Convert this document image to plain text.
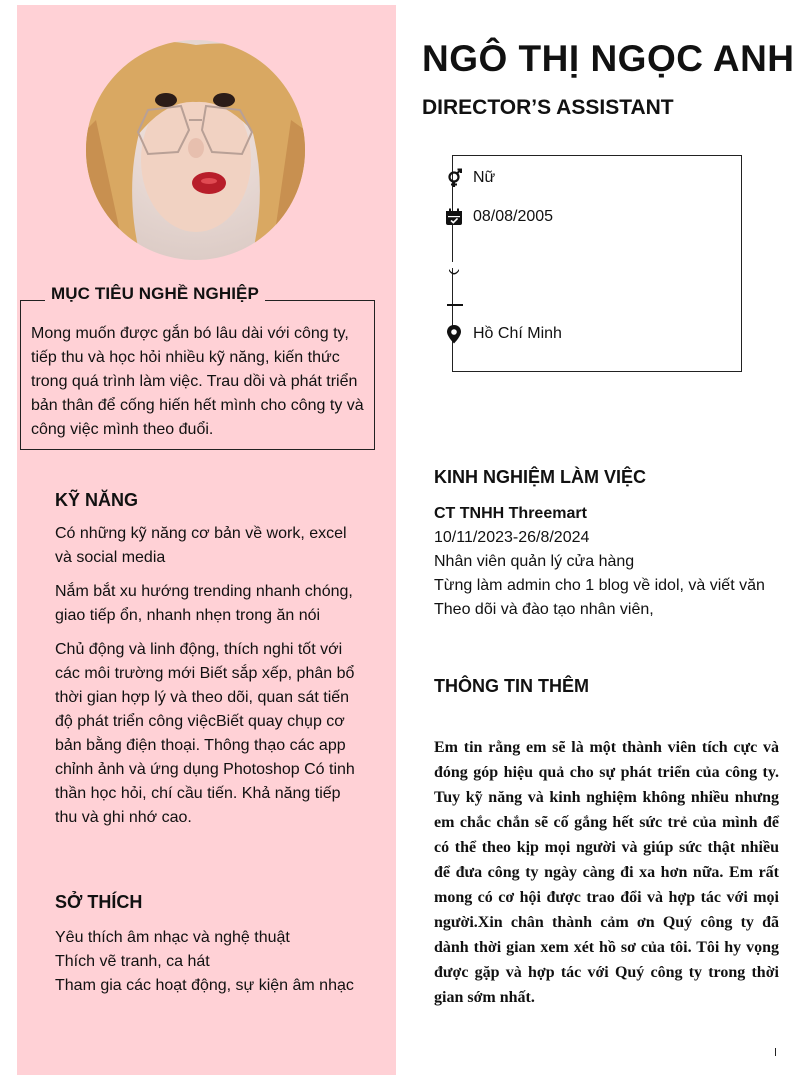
MỤC TIÊU NGHỀ NGHIỆP
Mong muốn được gắn bó lâu dài với công ty, tiếp thu và học hỏi nhiều kỹ năng, kiến thức trong quá trình làm việc. Trau dồi và phát triển bản thân để cống hiến hết mình cho công ty và công việc mình theo đuổi.
KỸ NĂNG

Có những kỹ năng cơ bản về work, excel và social media

Nắm bắt xu hướng trending nhanh chóng, giao tiếp ổn, nhanh nhẹn trong ăn nói

Chủ động và linh động, thích nghi tốt với các môi trường mới Biết sắp xếp, phân bổ thời gian hợp lý và theo dõi, quan sát tiến độ phát triển công việcBiết quay chụp cơ bản bằng điện thoại. Thông thạo các app chỉnh ảnh và ứng dụng Photoshop Có tinh thần học hỏi, chí cầu tiến. Khả năng tiếp thu và ghi nhớ cao.

SỞ THÍCH
Yêu thích âm nhạc và nghệ thuật
Thích vẽ tranh, ca hát
Tham gia các hoạt động, sự kiện âm nhạc
NGÔ THỊ NGỌC ANH
DIRECTOR’S ASSISTANT
Nữ
08/08/2005
Hồ Chí Minh
KINH NGHIỆM LÀM VIỆC
CT TNHH Threemart
10/11/2023-26/8/2024
Nhân viên quản lý cửa hàng
Từng làm admin cho 1 blog về idol, và viết văn
Theo dõi và đào tạo nhân viên,
THÔNG TIN THÊM
Em tin rằng em sẽ là một thành viên tích cực và đóng góp hiệu quả cho sự phát triển của công ty. Tuy kỹ năng và kinh nghiệm không nhiều nhưng em chắc chắn sẽ cố gắng hết sức trẻ của mình để có thể theo kịp mọi người và giúp sức thật nhiều để đưa công ty ngày càng đi xa hơn nữa. Em rất mong có cơ hội được trao đổi và hợp tác với mọi người.Xin chân thành cảm ơn Quý công ty đã dành thời gian xem xét hồ sơ của tôi. Tôi hy vọng được gặp và hợp tác với Quý công ty trong thời gian sớm nhất.
